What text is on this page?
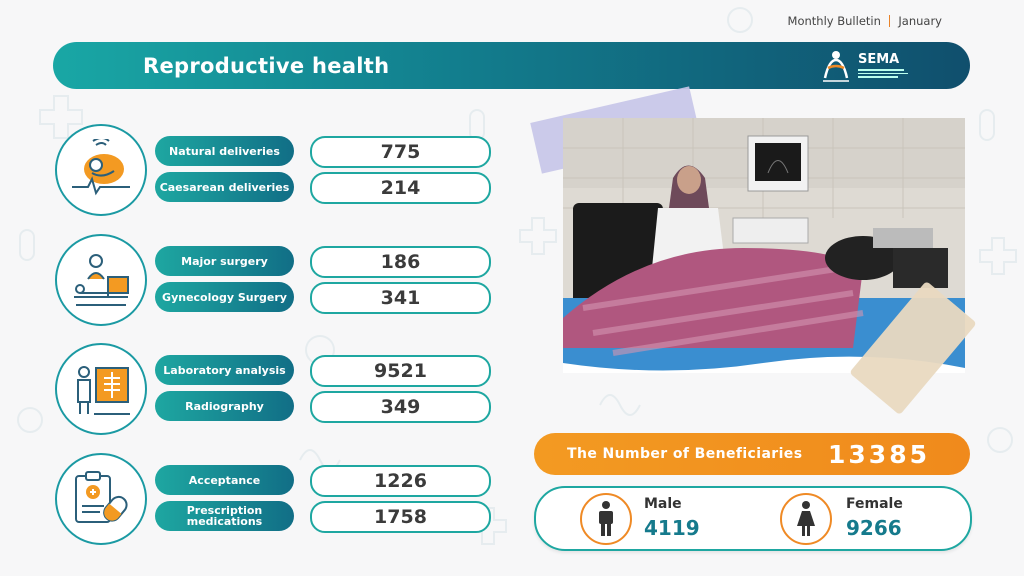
Monthly Bulletin January
Reproductive health	SEMA
Natural deliveries	775
Caesarean deliveries	214
Major surgery	186
Gynecology Surgery	341
Laboratory analysis	9521
Radiography	349
Acceptance	1226
Prescription medications	1758
The Number of Beneficiaries 13385
Male
4119
Female
9266
